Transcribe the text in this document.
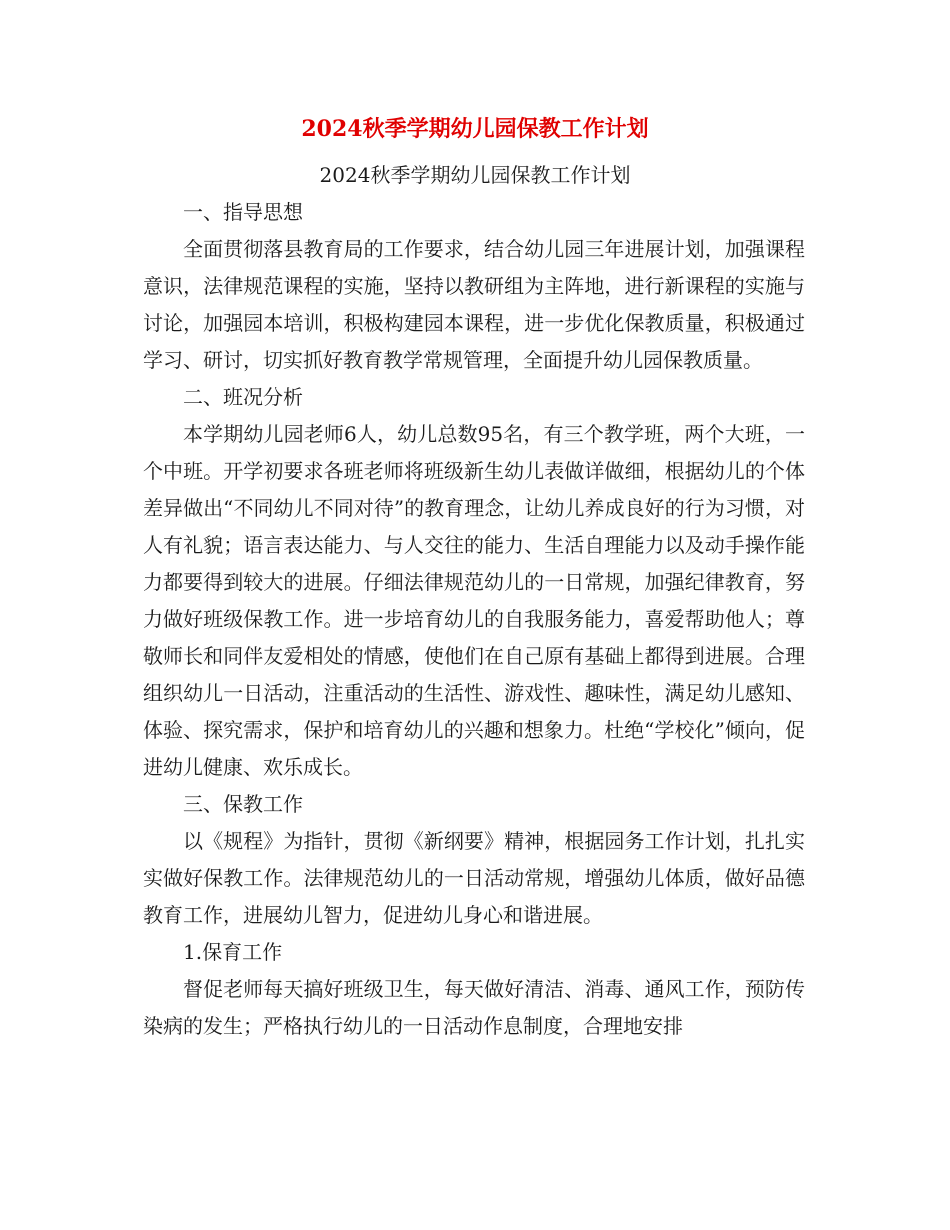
2024秋季学期幼儿园保教工作计划
2024秋季学期幼儿园保教工作计划

一、指导思想

全面贯彻落县教育局的工作要求，结合幼儿园三年进展计划，加强课程意识，法律规范课程的实施，坚持以教研组为主阵地，进行新课程的实施与讨论，加强园本培训，积极构建园本课程，进一步优化保教质量，积极通过学习、研讨，切实抓好教育教学常规管理，全面提升幼儿园保教质量。

二、班况分析

本学期幼儿园老师6人，幼儿总数95名，有三个教学班，两个大班，一个中班。开学初要求各班老师将班级新生幼儿表做详做细，根据幼儿的个体差异做出“不同幼儿不同对待”的教育理念，让幼儿养成良好的行为习惯，对人有礼貌；语言表达能力、与人交往的能力、生活自理能力以及动手操作能力都要得到较大的进展。仔细法律规范幼儿的一日常规，加强纪律教育，努力做好班级保教工作。进一步培育幼儿的自我服务能力，喜爱帮助他人；尊敬师长和同伴友爱相处的情感，使他们在自己原有基础上都得到进展。合理组织幼儿一日活动，注重活动的生活性、游戏性、趣味性，满足幼儿感知、体验、探究需求，保护和培育幼儿的兴趣和想象力。杜绝“学校化”倾向，促进幼儿健康、欢乐成长。

三、保教工作

以《规程》为指针，贯彻《新纲要》精神，根据园务工作计划，扎扎实实做好保教工作。法律规范幼儿的一日活动常规，增强幼儿体质，做好品德教育工作，进展幼儿智力，促进幼儿身心和谐进展。

1.保育工作

督促老师每天搞好班级卫生，每天做好清洁、消毒、通风工作，预防传染病的发生；严格执行幼儿的一日活动作息制度，合理地安排
